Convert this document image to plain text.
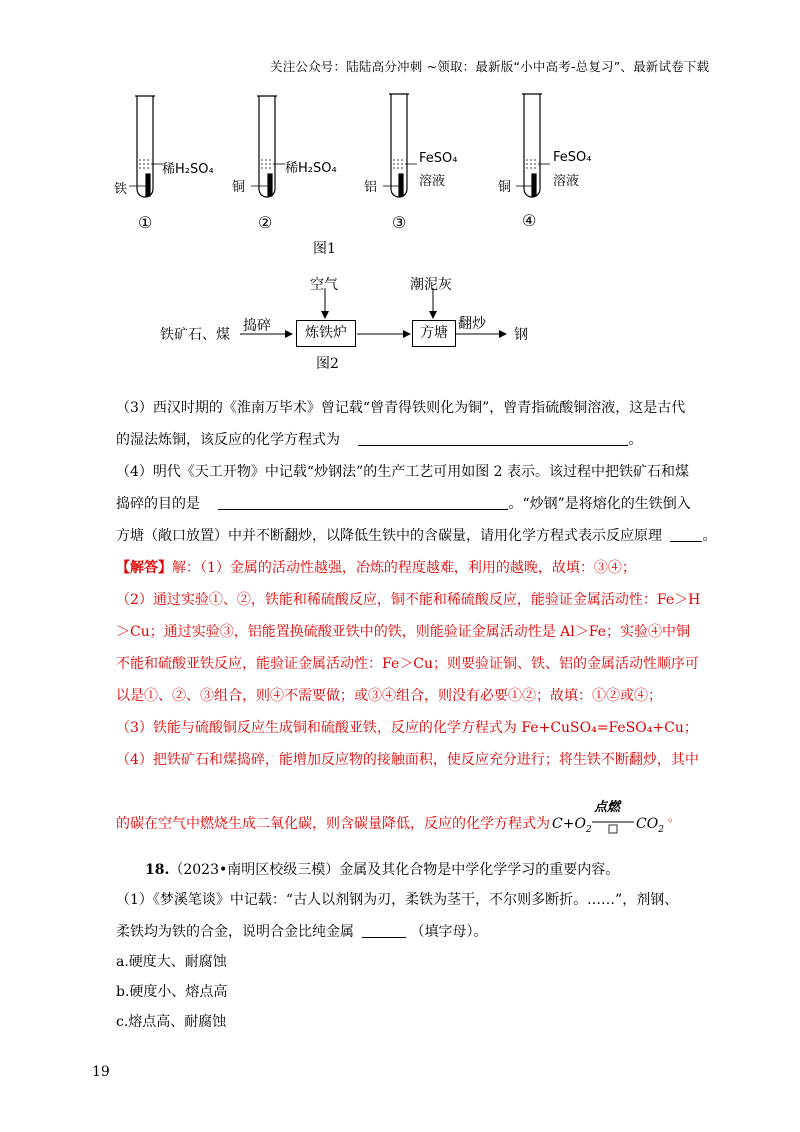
关注公众号：陆陆高分冲刺 ~领取：最新版“小中高考-总复习”、最新试卷下载
铁
稀H₂SO₄
①
铜
稀H₂SO₄
②
铝
FeSO₄
溶液
③
铜
FeSO₄
溶液
④
图1
铁矿石、煤
捣碎	炼铁炉
空气
方塘
潮泥灰
翻炒
钢
图2
（3）西汉时期的《淮南万毕术》曾记载“曾青得铁则化为铜”，曾青指硫酸铜溶液，这是古代
的湿法炼铜，该反应的化学方程式为	。
（4）明代《天工开物》中记载“炒钢法”的生产工艺可用如图 2 表示。该过程中把铁矿石和煤
捣碎的目的是	。“炒钢”是将熔化的生铁倒入
方塘（敞口放置）中并不断翻炒，以降低生铁中的含碳量，请用化学方程式表示反应原理	。
【解答】解：（1）金属的活动性越强，冶炼的程度越难，利用的越晚，故填：③④；
（2）通过实验①、②，铁能和稀硫酸反应，铜不能和稀硫酸反应，能验证金属活动性：Fe＞H
＞Cu；通过实验③，铝能置换硫酸亚铁中的铁，则能验证金属活动性是 Al＞Fe；实验④中铜
不能和硫酸亚铁反应，能验证金属活动性：Fe＞Cu；则要验证铜、铁、铝的金属活动性顺序可
以是①、②、③组合，则④不需要做；或③④组合，则没有必要①②；故填：①②或④；
（3）铁能与硫酸铜反应生成铜和硫酸亚铁，反应的化学方程式为 Fe+CuSO₄=FeSO₄+Cu；
（4）把铁矿石和煤捣碎，能增加反应物的接触面积，使反应充分进行；将生铁不断翻炒，其中
的碳在空气中燃烧生成二氧化碳，则含碳量降低，反应的化学方程式为
点燃
$C+O_2$	$CO_2$
。
18.（2023•南明区校级三模）金属及其化合物是中学化学学习的重要内容。
（1）《梦溪笔谈》中记载：“古人以剂钢为刃，柔铁为茎干，不尔则多断折。……”，剂钢、
柔铁均为铁的合金，说明合金比纯金属	（填字母）。
a.硬度大、耐腐蚀
b.硬度小、熔点高
c.熔点高、耐腐蚀
19
